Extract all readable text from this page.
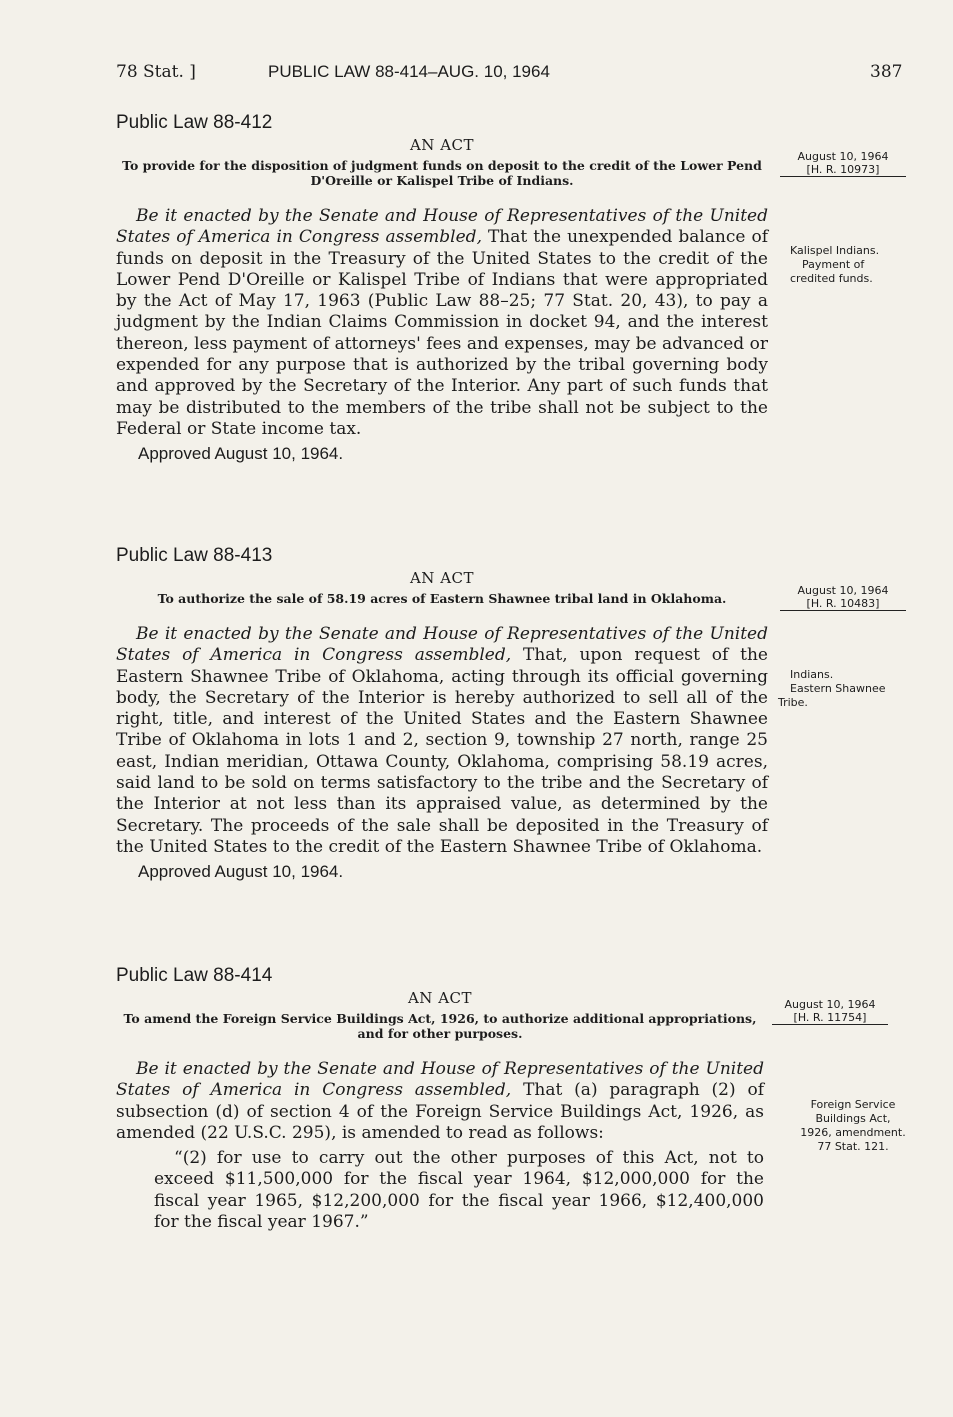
78 Stat. ]	PUBLIC LAW 88-414–AUG. 10, 1964	387

Public Law 88-412

AN ACT

To provide for the disposition of judgment funds on deposit to the credit of the Lower Pend D'Oreille or Kalispel Tribe of Indians.

Be it enacted by the Senate and House of Representatives of the United States of America in Congress assembled, That the unexpended balance of funds on deposit in the Treasury of the United States to the credit of the Lower Pend D'Oreille or Kalispel Tribe of Indians that were appropriated by the Act of May 17, 1963 (Public Law 88–25; 77 Stat. 20, 43), to pay a judgment by the Indian Claims Commission in docket 94, and the interest thereon, less payment of attorneys' fees and expenses, may be advanced or expended for any purpose that is authorized by the tribal governing body and approved by the Secretary of the Interior. Any part of such funds that may be distributed to the members of the tribe shall not be subject to the Federal or State income tax.

Approved August 10, 1964.

August 10, 1964
[H. R. 10973]
Kalispel Indians.
Payment of
credited funds.

Public Law 88-413

AN ACT

To authorize the sale of 58.19 acres of Eastern Shawnee tribal land in Oklahoma.

Be it enacted by the Senate and House of Representatives of the United States of America in Congress assembled, That, upon request of the Eastern Shawnee Tribe of Oklahoma, acting through its official governing body, the Secretary of the Interior is hereby authorized to sell all of the right, title, and interest of the United States and the Eastern Shawnee Tribe of Oklahoma in lots 1 and 2, section 9, township 27 north, range 25 east, Indian meridian, Ottawa County, Oklahoma, comprising 58.19 acres, said land to be sold on terms satisfactory to the tribe and the Secretary of the Interior at not less than its appraised value, as determined by the Secretary. The proceeds of the sale shall be deposited in the Treasury of the United States to the credit of the Eastern Shawnee Tribe of Oklahoma.

Approved August 10, 1964.

August 10, 1964
[H. R. 10483]
Indians.
Eastern Shawnee
Tribe.

Public Law 88-414

AN ACT

To amend the Foreign Service Buildings Act, 1926, to authorize additional appropriations, and for other purposes.

Be it enacted by the Senate and House of Representatives of the United States of America in Congress assembled, That (a) paragraph (2) of subsection (d) of section 4 of the Foreign Service Buildings Act, 1926, as amended (22 U.S.C. 295), is amended to read as follows:

“(2) for use to carry out the other purposes of this Act, not to exceed $11,500,000 for the fiscal year 1964, $12,000,000 for the fiscal year 1965, $12,200,000 for the fiscal year 1966, $12,400,000 for the fiscal year 1967.”

August 10, 1964
[H. R. 11754]
Foreign Service
Buildings Act,
1926, amendment.
77 Stat. 121.
